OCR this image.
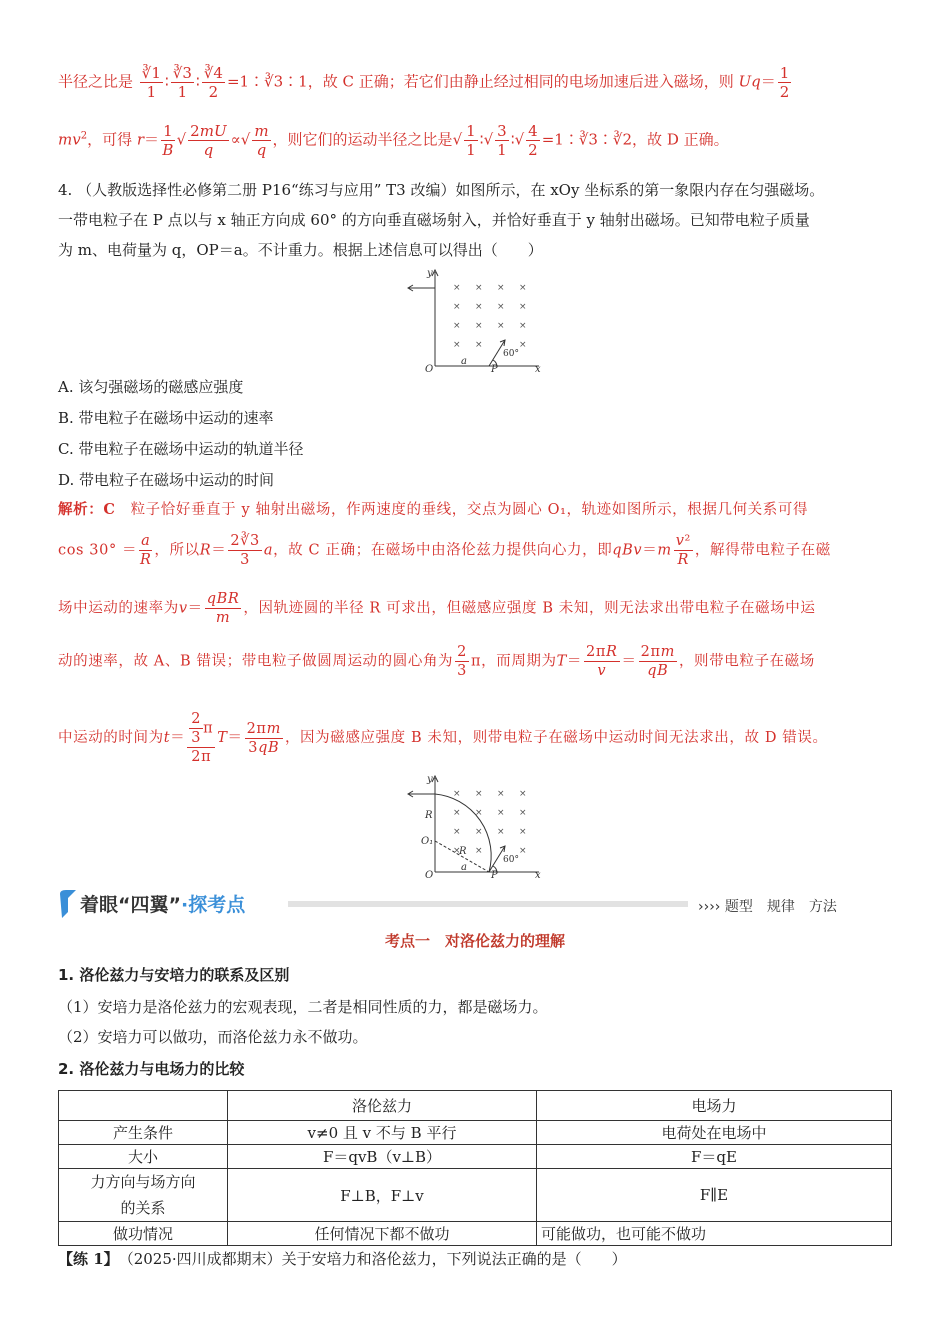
半径之比是 $\frac{∛1}{1}$ ∶ $\frac{∛3}{1}$ ∶ $\frac{∛4}{2}$ =1∶∛3∶1，故 C 正确；若它们由静止经过相同的电场加速后进入磁场，则 $Uq= \frac{1}{2}$
$mv^2$，可得 $r= \frac{1}{B}$ √ $\frac{2mU}{q}$ ∝√ $\frac{m}{q}$ ，则它们的运动半径之比是√ $\frac{1}{1}$ ∶√ $\frac{3}{1}$ ∶√ $\frac{4}{2}$ =1∶∛3∶∛2，故 D 正确。
4. （人教版选择性必修第二册 P16“练习与应用” T3 改编）如图所示，在 xOy 坐标系的第一象限内存在匀强磁场。
一带电粒子在 P 点以与 x 轴正方向成 60° 的方向垂直磁场射入，并恰好垂直于 y 轴射出磁场。已知带电粒子质量
为 m、电荷量为 q，OP＝a。不计重力。根据上述信息可以得出（　　）
× × × ×
× × × ×
× × × ×
× ×	×
y
x
O
a
P
60°
A. 该匀强磁场的磁感应强度
B. 带电粒子在磁场中运动的速率
C. 带电粒子在磁场中运动的轨道半径
D. 带电粒子在磁场中运动的时间
解析：C　 粒子恰好垂直于 y 轴射出磁场，作两速度的垂线，交点为圆心 O₁，轨迹如图所示，根据几何关系可得
$\cos 30^\circ = \frac{a}{R}$ ，所以$R= \frac{2∛3}{3}$ a，故 C 正确；在磁场中由洛伦兹力提供向心力，即$qBv=m \frac{\text{v²}}{R}$ ，解得带电粒子在磁
场中运动的速率为$v= \frac{\text{qBR}}{m}$ ，因轨迹圆的半径 R 可求出，但磁感应强度 B 未知，则无法求出带电粒子在磁场中运
动的速率，故 A、B 错误；带电粒子做圆周运动的圆心角为 $\frac{2}{3}$ π，而周期为$T= \frac{2\pi R}{v} = \frac{2\pi m}{qB}$ ，则带电粒子在磁场
中运动的时间为$t= \frac{\frac{2}{3} \pi}{2\pi} T= \frac{2\pi m}{3qB}$ ，因为磁感应强度 B 未知，则带电粒子在磁场中运动时间无法求出，故 D 错误。
× × × ×
× × × ×
× × × ×
× ×	×
y
x
O
a
P
60°
R
O₁
R
着眼“四翼”·探考点	›››› 题型　规律　方法
考点一　对洛伦兹力的理解
1. 洛伦兹力与安培力的联系及区别
（1）安培力是洛伦兹力的宏观表现，二者是相同性质的力，都是磁场力。
（2）安培力可以做功，而洛伦兹力永不做功。
2. 洛伦兹力与电场力的比较
	洛伦兹力	电场力
产生条件	v≠0 且 v 不与 B 平行	电荷处在电场中
大小	F＝qvB（v⊥B）	F＝qE
力方向与场方向的关系	F⊥B，F⊥v	F∥E
做功情况	任何情况下都不做功	可能做功，也可能不做功
【练 1】　 （2025·四川成都期末）关于安培力和洛伦兹力，下列说法正确的是（　　）
